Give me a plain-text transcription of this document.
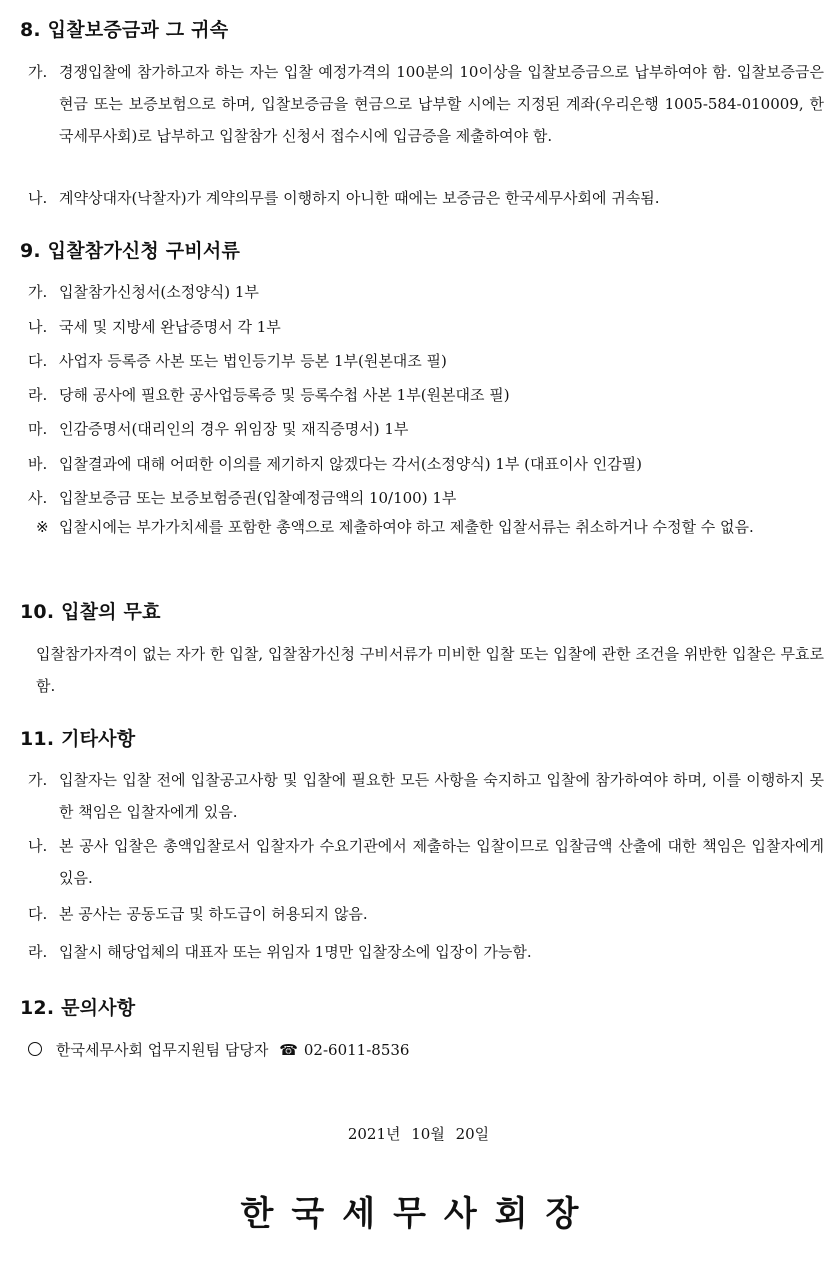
8. 입찰보증금과 그 귀속
가. 경쟁입찰에 참가하고자 하는 자는 입찰 예정가격의 100분의 10이상을 입찰보증금으로 납부하여야 함. 입찰보증금은 현금 또는 보증보험으로 하며, 입찰보증금을 현금으로 납부할 시에는 지정된 계좌(우리은행 1005-584-010009, 한국세무사회)로 납부하고 입찰참가 신청서 접수시에 입금증을 제출하여야 함.
나. 계약상대자(낙찰자)가 계약의무를 이행하지 아니한 때에는 보증금은 한국세무사회에 귀속됨.
9. 입찰참가신청 구비서류
가. 입찰참가신청서(소정양식) 1부
나. 국세 및 지방세 완납증명서 각 1부
다. 사업자 등록증 사본 또는 법인등기부 등본 1부(원본대조 필)
라. 당해 공사에 필요한 공사업등록증 및 등록수첩 사본 1부(원본대조 필)
마. 인감증명서(대리인의 경우 위임장 및 재직증명서) 1부
바. 입찰결과에 대해 어떠한 이의를 제기하지 않겠다는 각서(소정양식) 1부 (대표이사 인감필)
사. 입찰보증금 또는 보증보험증권(입찰예정금액의 10/100) 1부
※ 입찰시에는 부가가치세를 포함한 총액으로 제출하여야 하고 제출한 입찰서류는 취소하거나 수정할 수 없음.
10. 입찰의 무효
입찰참가자격이 없는 자가 한 입찰, 입찰참가신청 구비서류가 미비한 입찰 또는 입찰에 관한 조건을 위반한 입찰은 무효로 함.
11. 기타사항
가. 입찰자는 입찰 전에 입찰공고사항 및 입찰에 필요한 모든 사항을 숙지하고 입찰에 참가하여야 하며, 이를 이행하지 못한 책임은 입찰자에게 있음.
나. 본 공사 입찰은 총액입찰로서 입찰자가 수요기관에서 제출하는 입찰이므로 입찰금액 산출에 대한 책임은 입찰자에게 있음.
다. 본 공사는 공동도급 및 하도급이 허용되지 않음.
라. 입찰시 해당업체의 대표자 또는 위임자 1명만 입찰장소에 입장이 가능함.
12. 문의사항
한국세무사회 업무지원팀 담당자 ☎ 02-6011-8536
2021년 10월 20일
한국세무사회장
